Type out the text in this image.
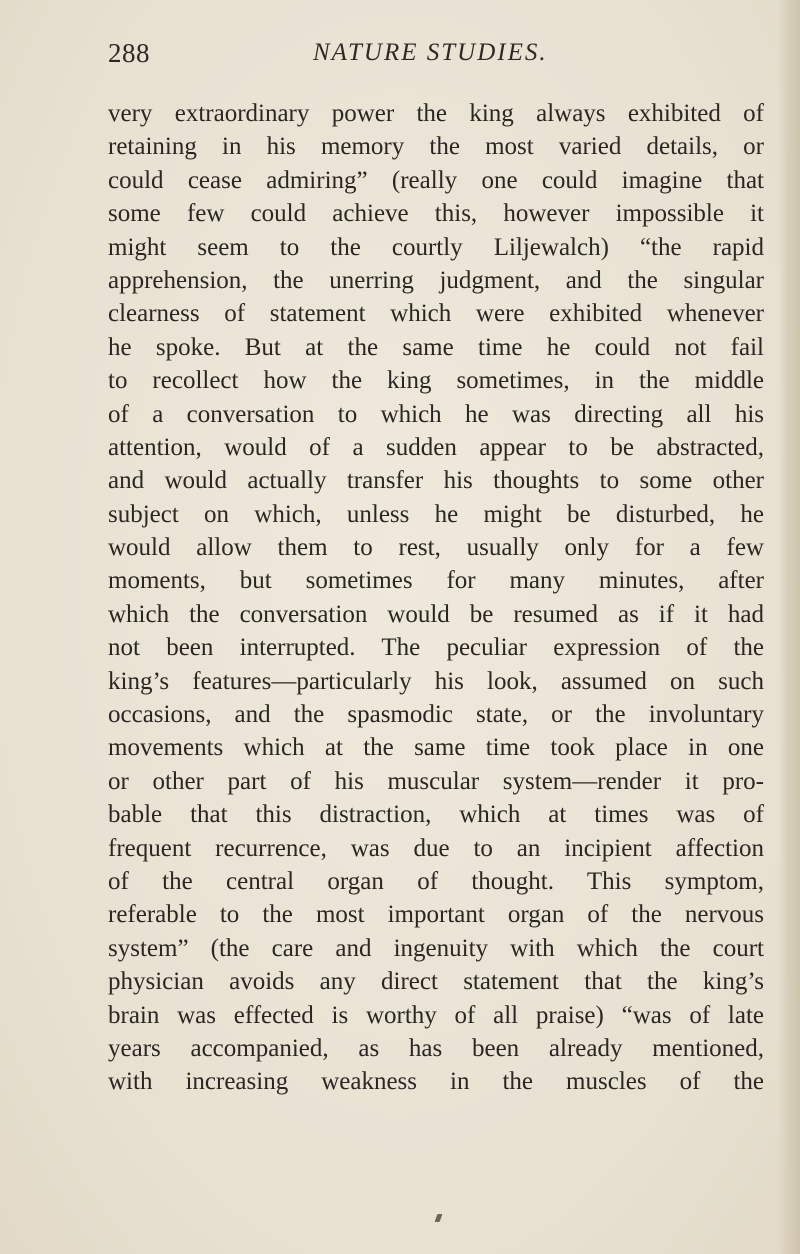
288	NATURE STUDIES.
very extraordinary power the king always exhibited of
retaining in his memory the most varied details, or
could cease admiring” (really one could imagine that
some few could achieve this, however impossible it
might seem to the courtly Liljewalch) “the rapid
apprehension, the unerring judgment, and the singular
clearness of statement which were exhibited whenever
he spoke. But at the same time he could not fail
to recollect how the king sometimes, in the middle
of a conversation to which he was directing all his
attention, would of a sudden appear to be abstracted,
and would actually transfer his thoughts to some other
subject on which, unless he might be disturbed, he
would allow them to rest, usually only for a few
moments, but sometimes for many minutes, after
which the conversation would be resumed as if it had
not been interrupted. The peculiar expression of the
king’s features—particularly his look, assumed on such
occasions, and the spasmodic state, or the involuntary
movements which at the same time took place in one
or other part of his muscular system—render it pro-
bable that this distraction, which at times was of
frequent recurrence, was due to an incipient affection
of the central organ of thought. This symptom,
referable to the most important organ of the nervous
system” (the care and ingenuity with which the court
physician avoids any direct statement that the king’s
brain was effected is worthy of all praise) “was of late
years accompanied, as has been already mentioned,
with increasing weakness in the muscles of the
